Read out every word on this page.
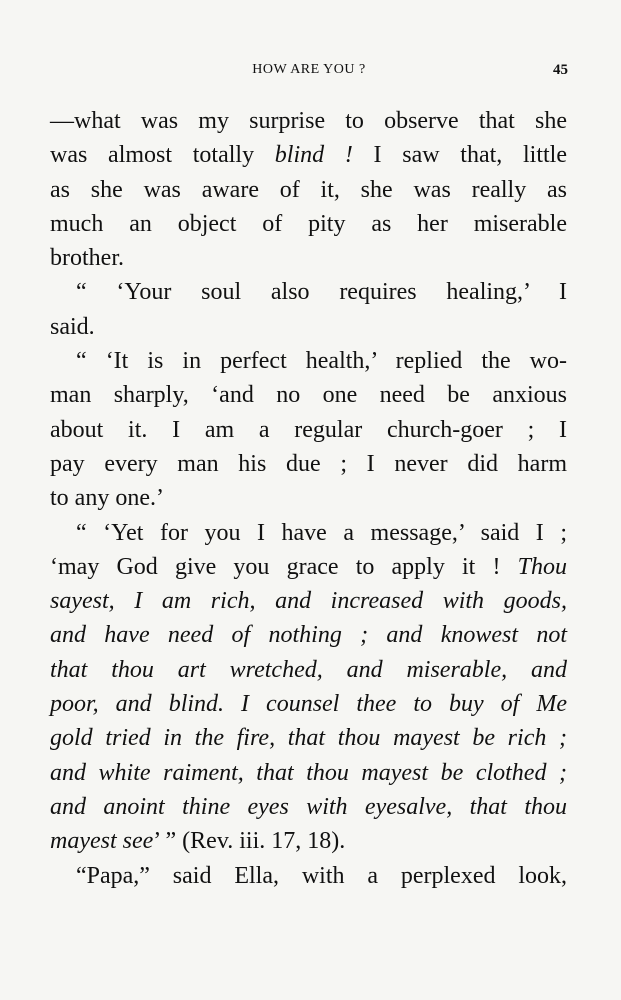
HOW ARE YOU ?	45
—what was my surprise to observe that she
was almost totally blind ! I saw that, little
as she was aware of it, she was really as
much an object of pity as her miserable
brother.
“ ‘Your soul also requires healing,’ I
said.
“ ‘It is in perfect health,’ replied the wo-
man sharply, ‘and no one need be anxious
about it. I am a regular church-goer ; I
pay every man his due ; I never did harm
to any one.’
“ ‘Yet for you I have a message,’ said I ;
‘may God give you grace to apply it ! Thou
sayest, I am rich, and increased with goods,
and have need of nothing ; and knowest not
that thou art wretched, and miserable, and
poor, and blind. I counsel thee to buy of Me
gold tried in the fire, that thou mayest be rich ;
and white raiment, that thou mayest be clothed ;
and anoint thine eyes with eyesalve, that thou
mayest see’ ” (Rev. iii. 17, 18).
“Papa,” said Ella, with a perplexed look,
